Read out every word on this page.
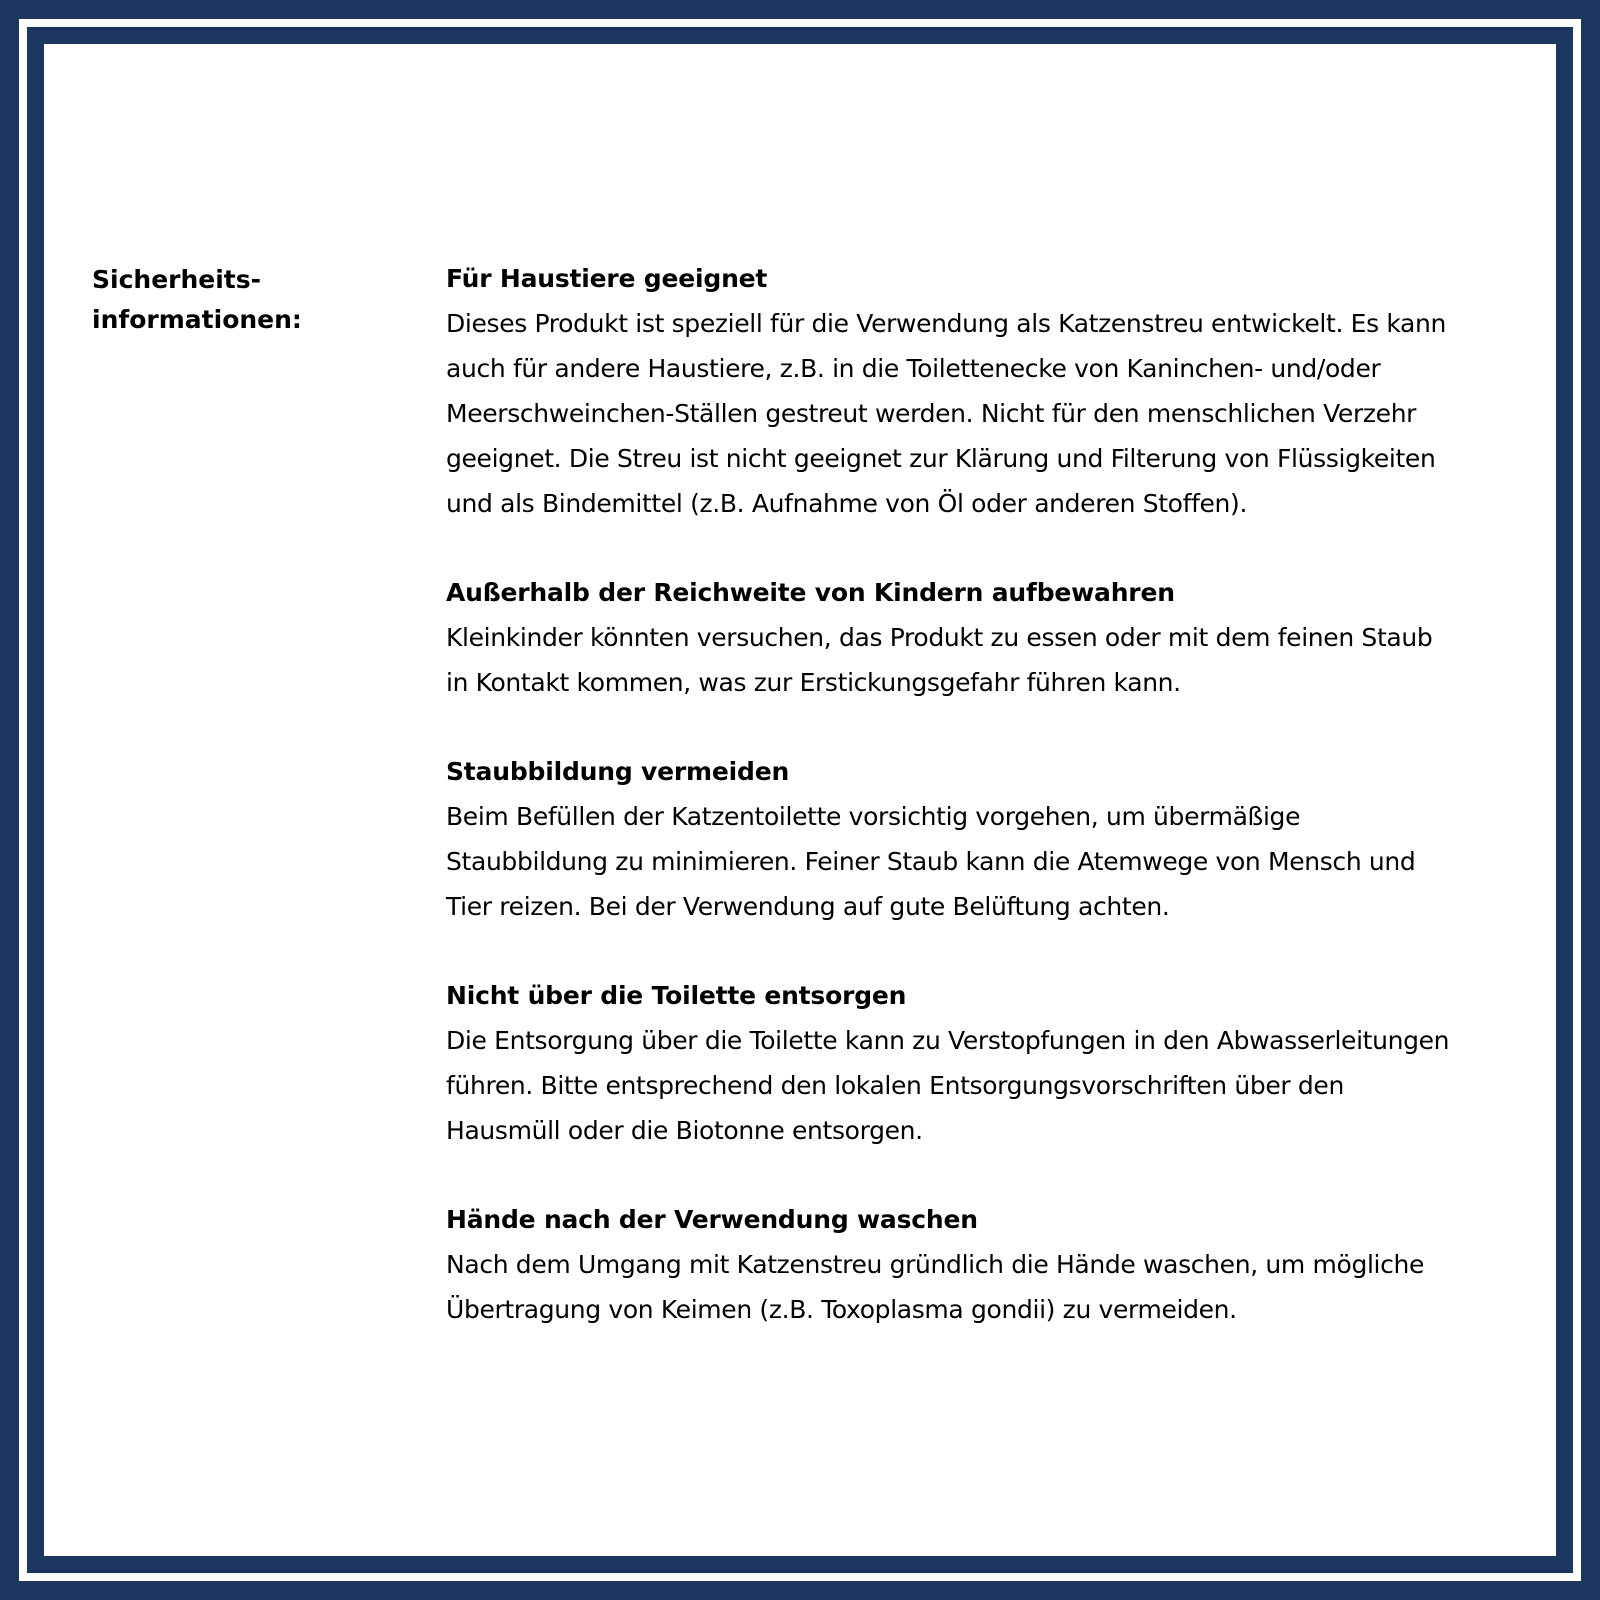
Sicherheits-
informationen:

Für Haustiere geeignet

Dieses Produkt ist speziell für die Verwendung als Katzenstreu entwickelt. Es kann
auch für andere Haustiere, z.B. in die Toilettenecke von Kaninchen- und/oder
Meerschweinchen-Ställen gestreut werden. Nicht für den menschlichen Verzehr
geeignet. Die Streu ist nicht geeignet zur Klärung und Filterung von Flüssigkeiten
und als Bindemittel (z.B. Aufnahme von Öl oder anderen Stoffen).

Außerhalb der Reichweite von Kindern aufbewahren

Kleinkinder könnten versuchen, das Produkt zu essen oder mit dem feinen Staub
in Kontakt kommen, was zur Erstickungsgefahr führen kann.

Staubbildung vermeiden

Beim Befüllen der Katzentoilette vorsichtig vorgehen, um übermäßige
Staubbildung zu minimieren. Feiner Staub kann die Atemwege von Mensch und
Tier reizen. Bei der Verwendung auf gute Belüftung achten.

Nicht über die Toilette entsorgen

Die Entsorgung über die Toilette kann zu Verstopfungen in den Abwasserleitungen
führen. Bitte entsprechend den lokalen Entsorgungsvorschriften über den
Hausmüll oder die Biotonne entsorgen.

Hände nach der Verwendung waschen

Nach dem Umgang mit Katzenstreu gründlich die Hände waschen, um mögliche
Übertragung von Keimen (z.B. Toxoplasma gondii) zu vermeiden.
